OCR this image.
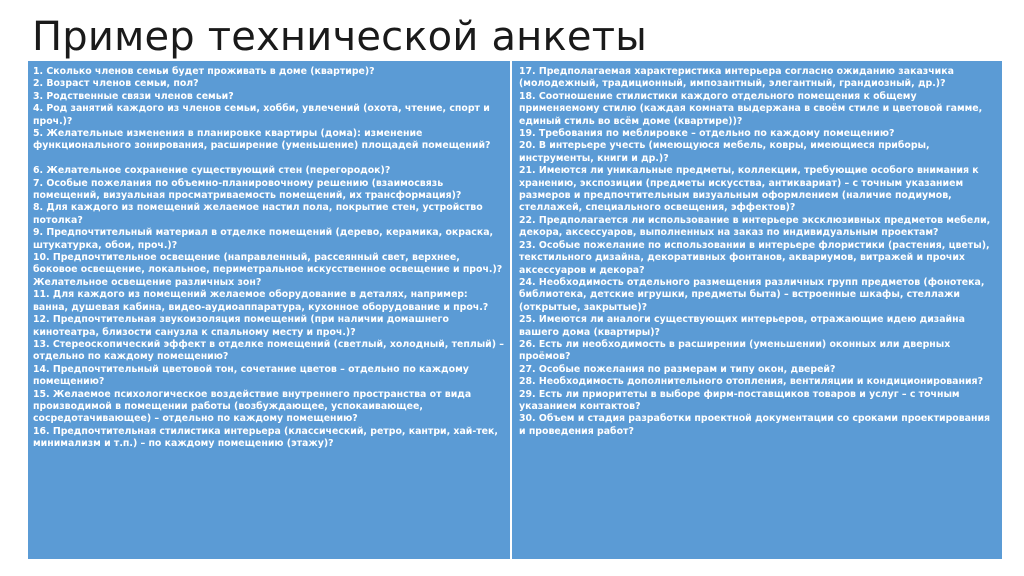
Пример технической анкеты

1. Сколько членов семьи будет проживать в доме (квартире)?

2. Возраст членов семьи, пол?

3. Родственные связи членов семьи?

4. Род занятий каждого из членов семьи, хобби, увлечений (охота, чтение, спорт и проч.)?

5. Желательные изменения в планировке квартиры (дома): изменение функционального зонирования, расширение (уменьшение) площадей помещений?

6. Желательное сохранение существующий стен (перегородок)?

7. Особые пожелания по объемно-планировочному решению (взаимосвязь помещений, визуальная просматриваемость помещений, их трансформация)?

8. Для каждого из помещений желаемое настил пола, покрытие стен, устройство потолка?

9. Предпочтительный материал в отделке помещений (дерево, керамика, окраска, штукатурка, обои, проч.)?

10. Предпочтительное освещение (направленный, рассеянный свет, верхнее, боковое освещение, локальное, периметральное искусственное освещение и проч.)? Желательное освещение различных зон?

11. Для каждого из помещений желаемое оборудование в деталях, например: ванна, душевая кабина, видео-аудиоаппаратура, кухонное оборудование и проч.?

12. Предпочтительная звукоизоляция помещений (при наличии домашнего кинотеатра, близости санузла к спальному месту и проч.)?

13. Стереоскопический эффект в отделке помещений (светлый, холодный, теплый) – отдельно по каждому помещению?

14. Предпочтительный цветовой тон, сочетание цветов – отдельно по каждому помещению?

15. Желаемое психологическое воздействие внутреннего пространства от вида производимой в помещении работы (возбуждающее, успокаивающее, сосредотачивающее) – отдельно по каждому помещению?

16. Предпочтительная стилистика интерьера (классический, ретро, кантри, хай-тек, минимализм и т.п.) – по каждому помещению (этажу)?

17. Предполагаемая характеристика интерьера согласно ожиданию заказчика (молодежный, традиционный, импозантный, элегантный, грандиозный, др.)?

18. Соотношение стилистики каждого отдельного помещения к общему применяемому стилю (каждая комната выдержана в своём стиле и цветовой гамме, единый стиль во всём доме (квартире))?

19. Требования по меблировке – отдельно по каждому помещению?

20. В интерьере учесть (имеющуюся мебель, ковры, имеющиеся приборы, инструменты, книги и др.)?

21. Имеются ли уникальные предметы, коллекции, требующие особого внимания к хранению, экспозиции (предметы искусства, антиквариат) – с точным указанием размеров и предпочтительным визуальным оформлением (наличие подиумов, стеллажей, специального освещения, эффектов)?

22. Предполагается ли использование в интерьере эксклюзивных предметов мебели, декора, аксессуаров, выполненных на заказ по индивидуальным проектам?

23. Особые пожелание по использовании в интерьере флористики (растения, цветы), текстильного дизайна, декоративных фонтанов, аквариумов, витражей и прочих аксессуаров и декора?

24. Необходимость отдельного размещения различных групп предметов (фонотека, библиотека, детские игрушки, предметы быта) – встроенные шкафы, стеллажи (открытые, закрытые)?

25. Имеются ли аналоги существующих интерьеров, отражающие идею дизайна вашего дома (квартиры)?

26. Есть ли необходимость в расширении (уменьшении) оконных или дверных проёмов?

27. Особые пожелания по размерам и типу окон, дверей?

28. Необходимость дополнительного отопления, вентиляции и кондиционирования?

29. Есть ли приоритеты в выборе фирм-поставщиков товаров и услуг – с точным указанием контактов?

30. Объем и стадия разработки проектной документации со сроками проектирования и проведения работ?
